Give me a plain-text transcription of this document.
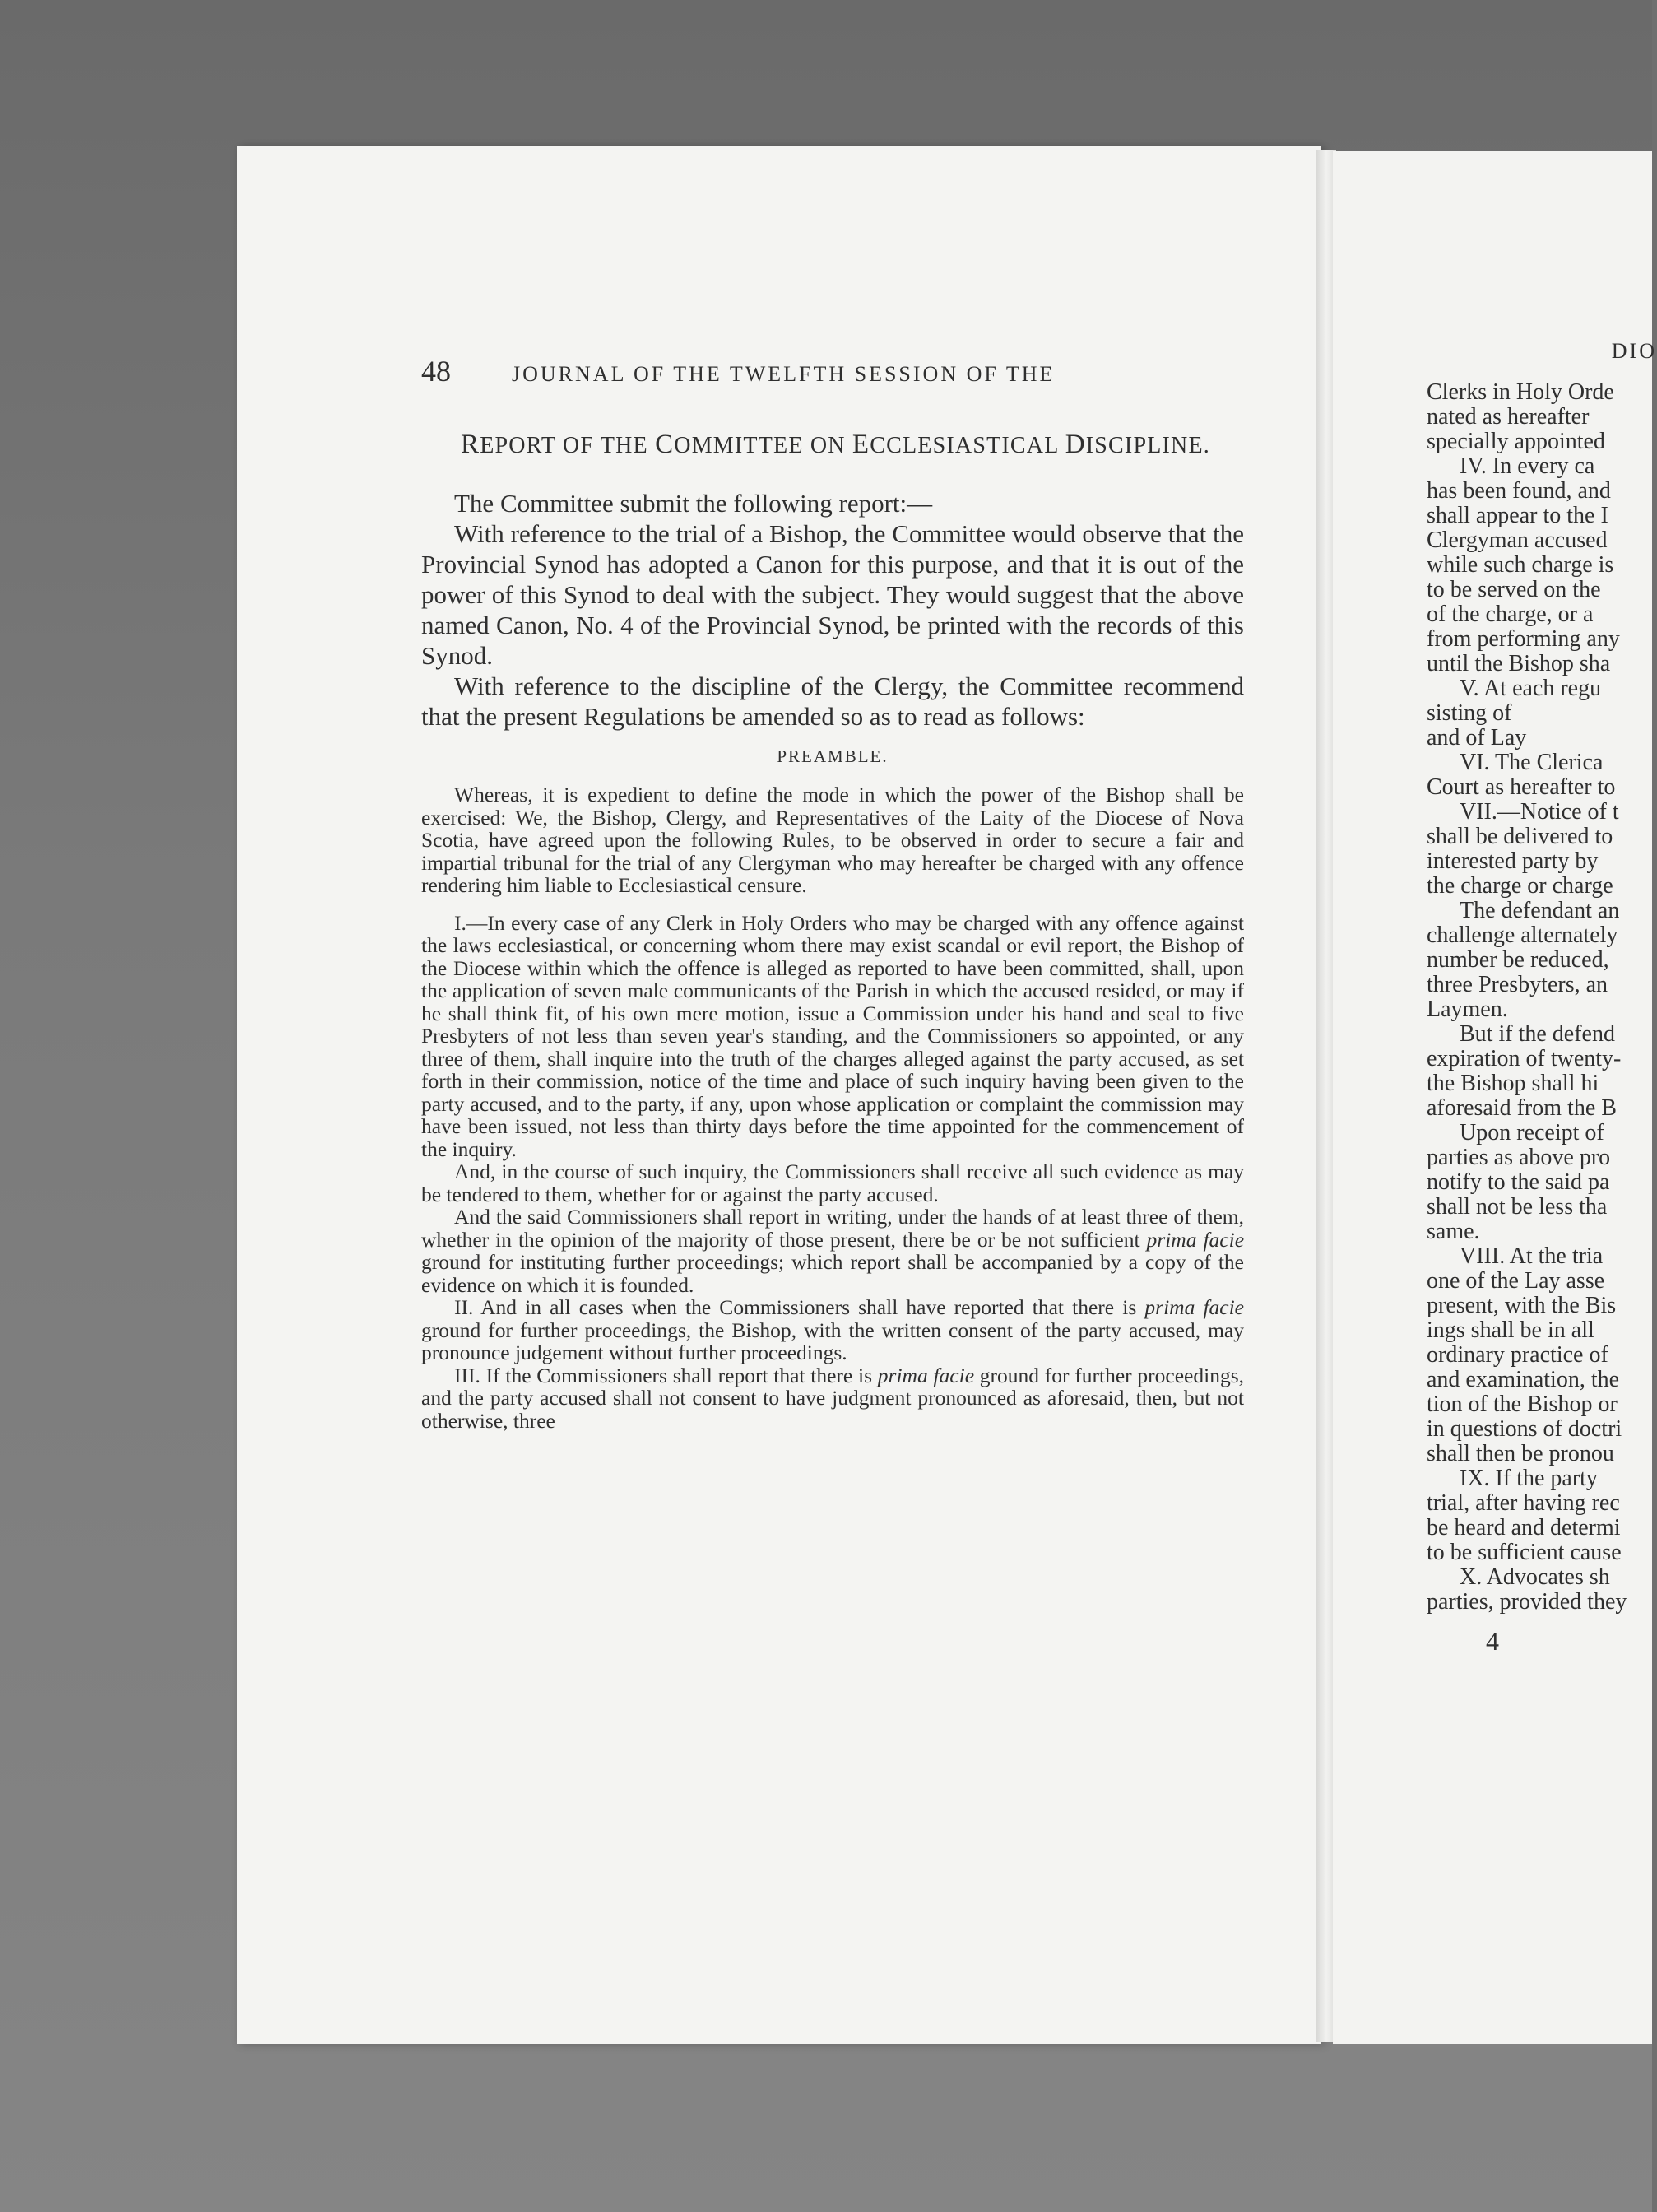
48	JOURNAL OF THE TWELFTH SESSION OF THE
REPORT OF THE COMMITTEE ON ECCLESIASTICAL DISCIPLINE.

The Committee submit the following report:—

With reference to the trial of a Bishop, the Committee would observe that the Provincial Synod has adopted a Canon for this purpose, and that it is out of the power of this Synod to deal with the subject. They would suggest that the above named Canon, No. 4 of the Provincial Synod, be printed with the records of this Synod.

With reference to the discipline of the Clergy, the Committee recommend that the present Regulations be amended so as to read as follows:

PREAMBLE.

Whereas, it is expedient to define the mode in which the power of the Bishop shall be exercised: We, the Bishop, Clergy, and Representatives of the Laity of the Diocese of Nova Scotia, have agreed upon the following Rules, to be observed in order to secure a fair and impartial tribunal for the trial of any Clergyman who may hereafter be charged with any offence rendering him liable to Ecclesiastical censure.

I.—In every case of any Clerk in Holy Orders who may be charged with any offence against the laws ecclesiastical, or concerning whom there may exist scandal or evil report, the Bishop of the Diocese within which the offence is alleged as reported to have been committed, shall, upon the application of seven male communicants of the Parish in which the accused resided, or may if he shall think fit, of his own mere motion, issue a Commission under his hand and seal to five Presbyters of not less than seven year's standing, and the Commissioners so appointed, or any three of them, shall inquire into the truth of the charges alleged against the party accused, as set forth in their commission, notice of the time and place of such inquiry having been given to the party accused, and to the party, if any, upon whose application or complaint the commission may have been issued, not less than thirty days before the time appointed for the commencement of the inquiry.

And, in the course of such inquiry, the Commissioners shall receive all such evidence as may be tendered to them, whether for or against the party accused.

And the said Commissioners shall report in writing, under the hands of at least three of them, whether in the opinion of the majority of those present, there be or be not sufficient prima facie ground for instituting further proceedings; which report shall be accompanied by a copy of the evidence on which it is founded.

II. And in all cases when the Commissioners shall have reported that there is prima facie ground for further proceedings, the Bishop, with the written consent of the party accused, may pronounce judgement without further proceedings.

III. If the Commissioners shall report that there is prima facie ground for further proceedings, and the party accused shall not consent to have judgment pronounced as aforesaid, then, but not otherwise, three

DIO

Clerks in Holy Orde

nated as hereafter

specially appointed

IV. In every ca

has been found, and

shall appear to the I

Clergyman accused

while such charge is

to be served on the

of the charge, or a

from performing any

until the Bishop sha

V. At each regu

sisting of

and of Lay

VI. The Clerica

Court as hereafter to

VII.—Notice of t

shall be delivered to

interested party by

the charge or charge

The defendant an

challenge alternately

number be reduced,

three Presbyters, an

Laymen.

But if the defend

expiration of twenty-

the Bishop shall hi

aforesaid from the B

Upon receipt of

parties as above pro

notify to the said pa

shall not be less tha

same.

VIII. At the tria

one of the Lay asse

present, with the Bis

ings shall be in all

ordinary practice of

and examination, the

tion of the Bishop or

in questions of doctri

shall then be pronou

IX. If the party

trial, after having rec

be heard and determi

to be sufficient cause

X. Advocates sh

parties, provided they

4
